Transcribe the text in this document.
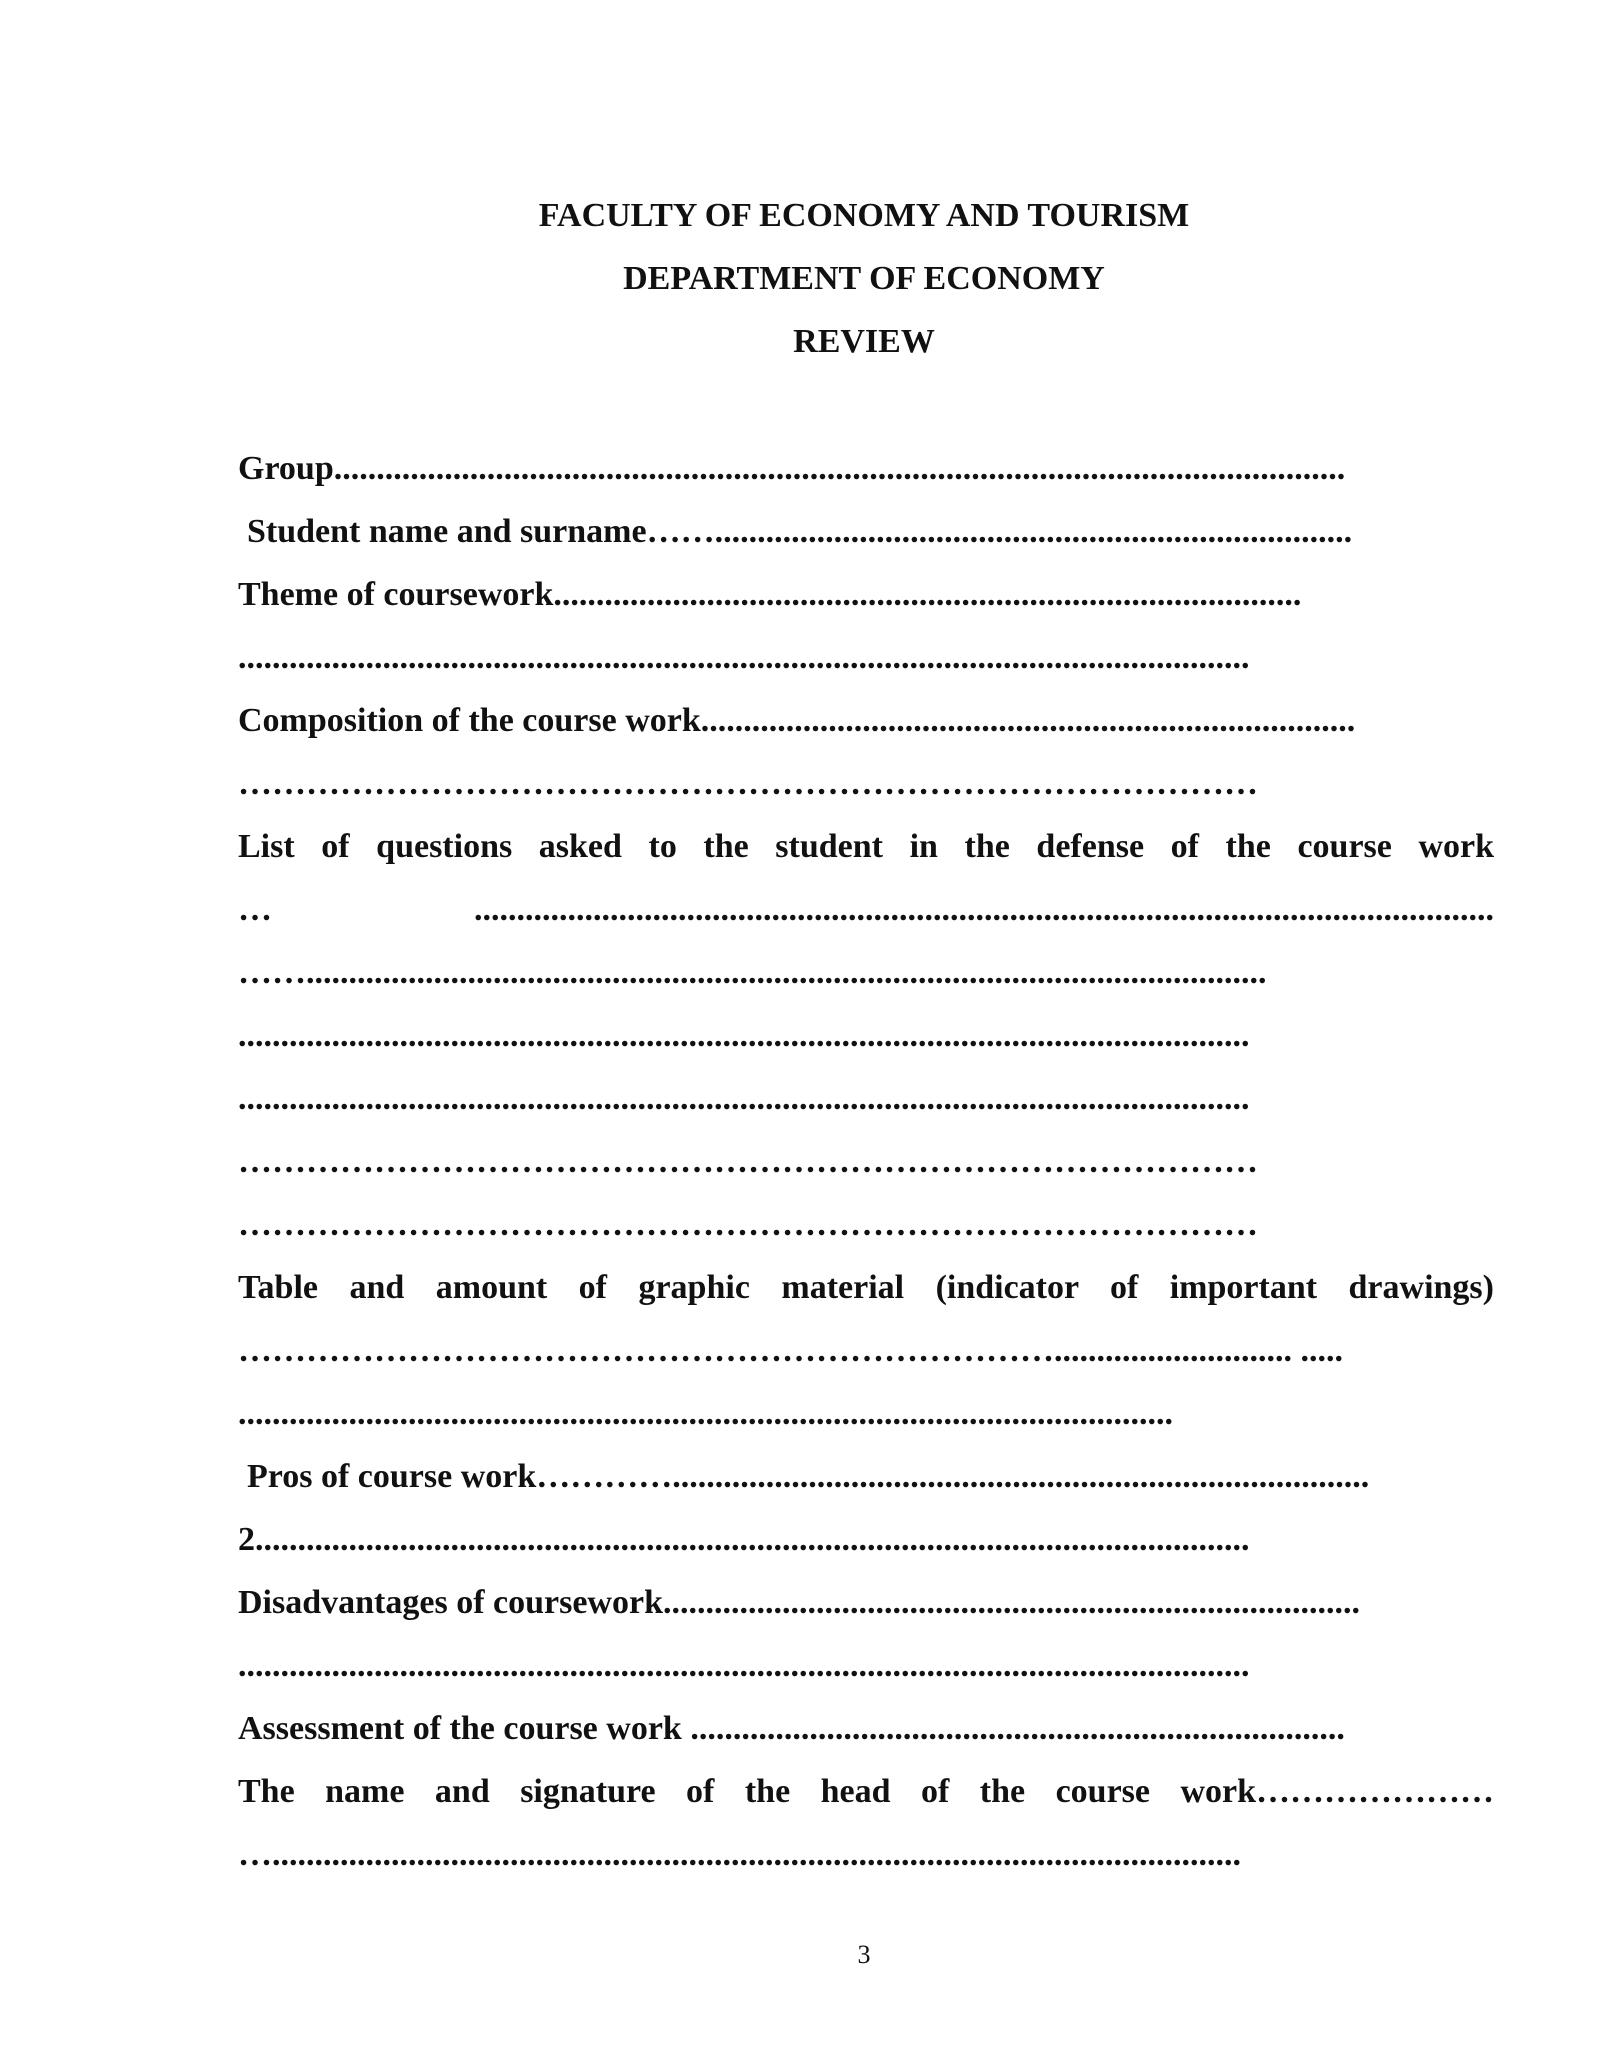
FACULTY OF ECONOMY AND TOURISM
DEPARTMENT OF ECONOMY
REVIEW
Group.......................................................................................................................
Student name and surname……...........................................................................
Theme of coursework........................................................................................
.......................................................................................................................
Composition of the course work.............................................................................
………………………………………………………………………………
List of questions asked to the student in the defense of the course work
… ........................................................................................................................
…….................................................................................................................
.......................................................................................................................
.......................................................................................................................
………………………………………………………………………………
………………………………………………………………………………
Table and amount of graphic material (indicator of important drawings)
………………………………………………………………............................ .....
..............................................................................................................
Pros of course work…………..................................................................................
2.....................................................................................................................
Disadvantages of coursework..................................................................................
.......................................................................................................................
Assessment of the course work .............................................................................
The name and signature of the head of the course work…………………
…..................................................................................................................
3
